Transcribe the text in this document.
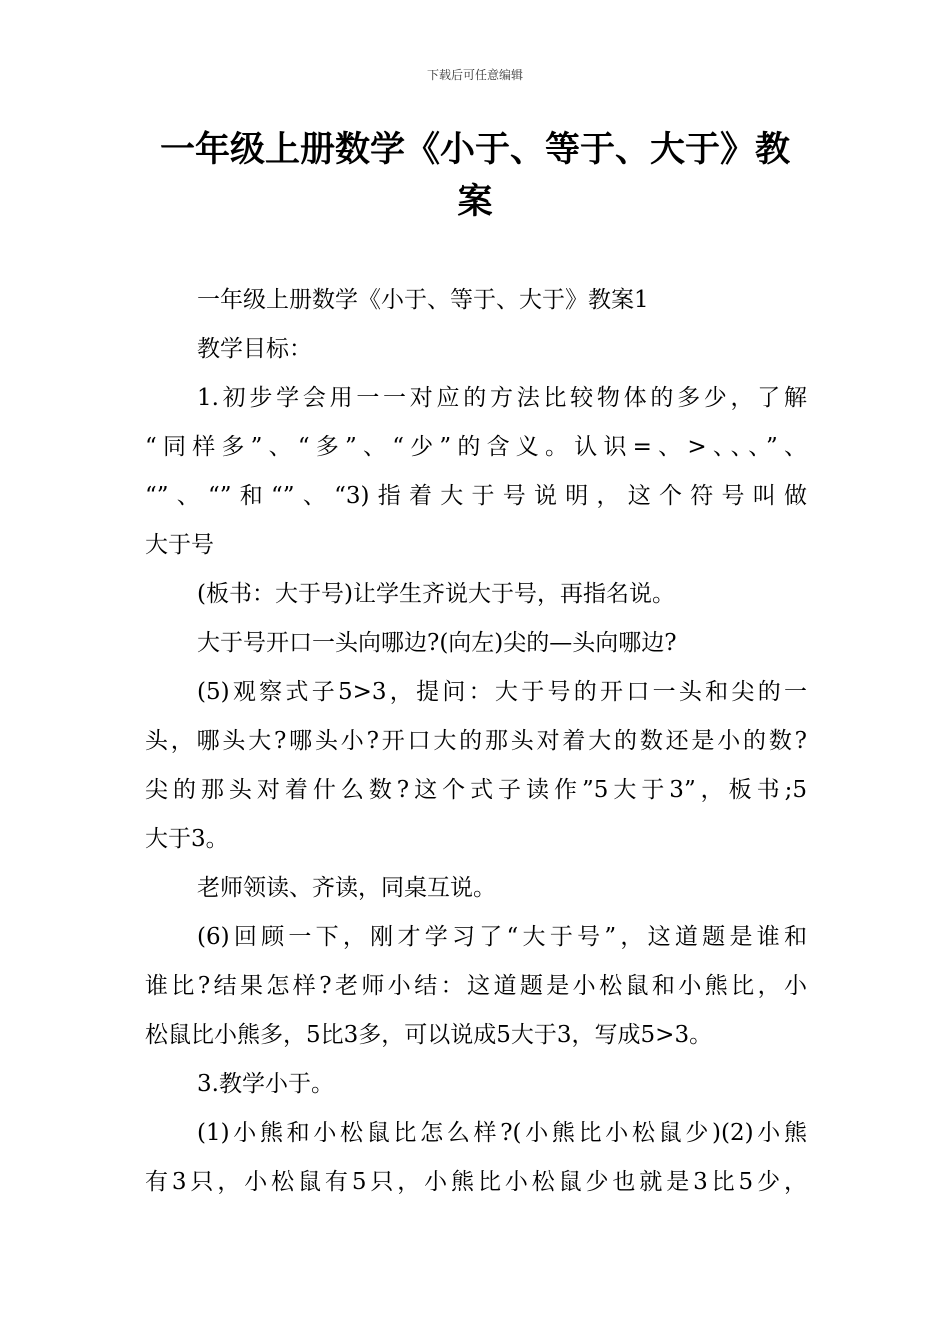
下载后可任意编辑
一年级上册数学《小于、等于、大于》教
案
一年级上册数学《小于、等于、大于》教案1
教学目标：
1.初步学会用一一对应的方法比较物体的多少，了解
“同样多”、“多”、“少”的含义。认识=、>、、、”、
“”、“”和“”、“3)指着大于号说明，这个符号叫做
大于号
(板书：大于号)让学生齐说大于号，再指名说。
大于号开口一头向哪边?(向左)尖的—头向哪边?
(5)观察式子5>3，提问：大于号的开口一头和尖的一
头，哪头大?哪头小?开口大的那头对着大的数还是小的数?
尖的那头对着什么数?这个式子读作”5大于3”，板书;5
大于3。
老师领读、齐读，同桌互说。
(6)回顾一下，刚才学习了“大于号”，这道题是谁和
谁比?结果怎样?老师小结：这道题是小松鼠和小熊比，小
松鼠比小熊多，5比3多，可以说成5大于3，写成5>3。
3.教学小于。
(1)小熊和小松鼠比怎么样?(小熊比小松鼠少)(2)小熊
有3只，小松鼠有5只，小熊比小松鼠少也就是3比5少，
